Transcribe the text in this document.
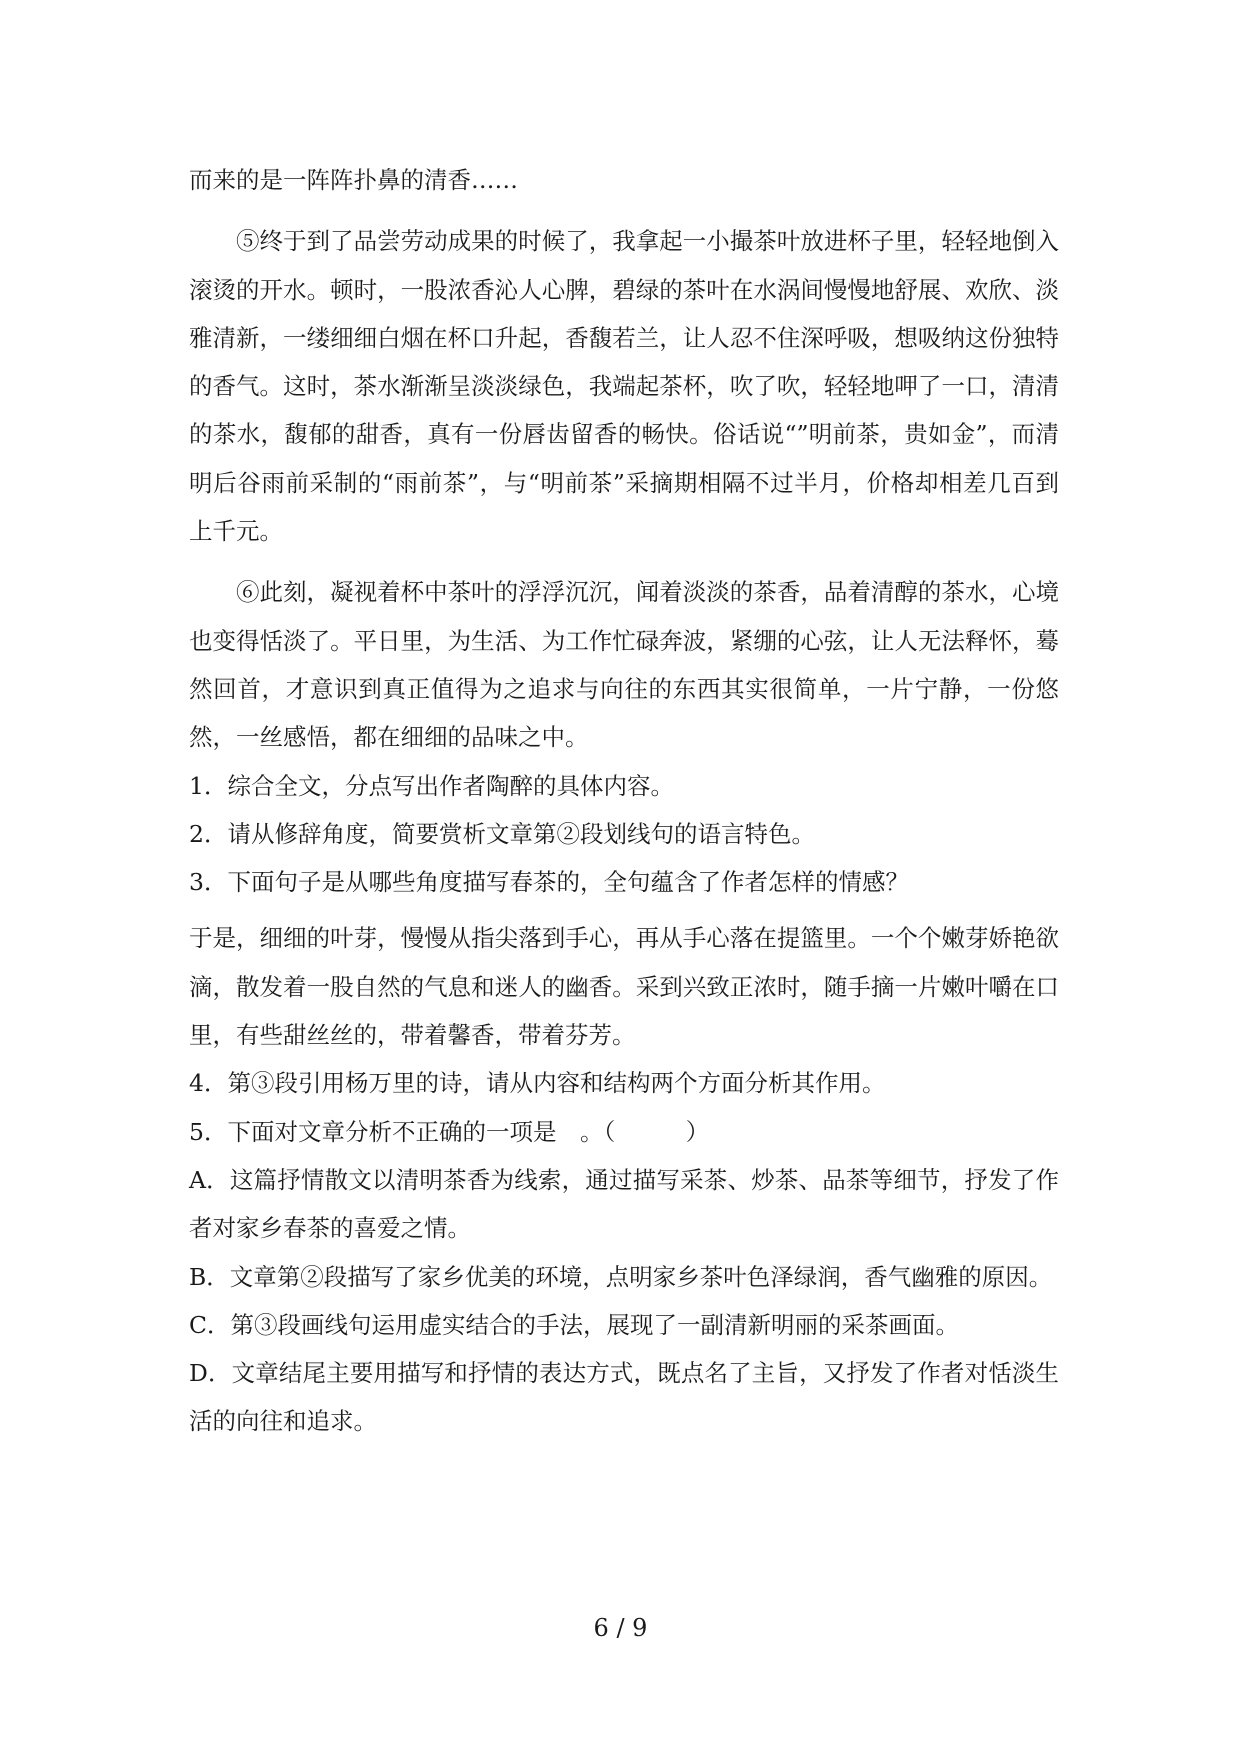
而来的是一阵阵扑鼻的清香……

⑤终于到了品尝劳动成果的时候了，我拿起一小撮茶叶放进杯子里，轻轻地倒入滚烫的开水。顿时，一股浓香沁人心脾，碧绿的茶叶在水涡间慢慢地舒展、欢欣、淡雅清新，一缕细细白烟在杯口升起，香馥若兰，让人忍不住深呼吸，想吸纳这份独特的香气。这时，茶水渐渐呈淡淡绿色，我端起茶杯，吹了吹，轻轻地呷了一口，清清的茶水，馥郁的甜香，真有一份唇齿留香的畅快。俗话说“”明前茶，贵如金”，而清明后谷雨前采制的“雨前茶”，与“明前茶”采摘期相隔不过半月，价格却相差几百到上千元。

⑥此刻，凝视着杯中茶叶的浮浮沉沉，闻着淡淡的茶香，品着清醇的茶水，心境也变得恬淡了。平日里，为生活、为工作忙碌奔波，紧绷的心弦，让人无法释怀，蓦然回首，才意识到真正值得为之追求与向往的东西其实很简单，一片宁静，一份悠然，一丝感悟，都在细细的品味之中。

1．综合全文，分点写出作者陶醉的具体内容。

2．请从修辞角度，简要赏析文章第②段划线句的语言特色。

3．下面句子是从哪些角度描写春茶的，全句蕴含了作者怎样的情感？

于是，细细的叶芽，慢慢从指尖落到手心，再从手心落在提篮里。一个个嫩芽娇艳欲滴，散发着一股自然的气息和迷人的幽香。采到兴致正浓时，随手摘一片嫩叶嚼在口里，有些甜丝丝的，带着馨香，带着芬芳。

4．第③段引用杨万里的诗，请从内容和结构两个方面分析其作用。

5．下面对文章分析不正确的一项是　。（　　　）

A．这篇抒情散文以清明茶香为线索，通过描写采茶、炒茶、品茶等细节，抒发了作者对家乡春茶的喜爱之情。

B．文章第②段描写了家乡优美的环境，点明家乡茶叶色泽绿润，香气幽雅的原因。

C．第③段画线句运用虚实结合的手法，展现了一副清新明丽的采茶画面。

D．文章结尾主要用描写和抒情的表达方式，既点名了主旨，又抒发了作者对恬淡生活的向往和追求。

6 / 9
